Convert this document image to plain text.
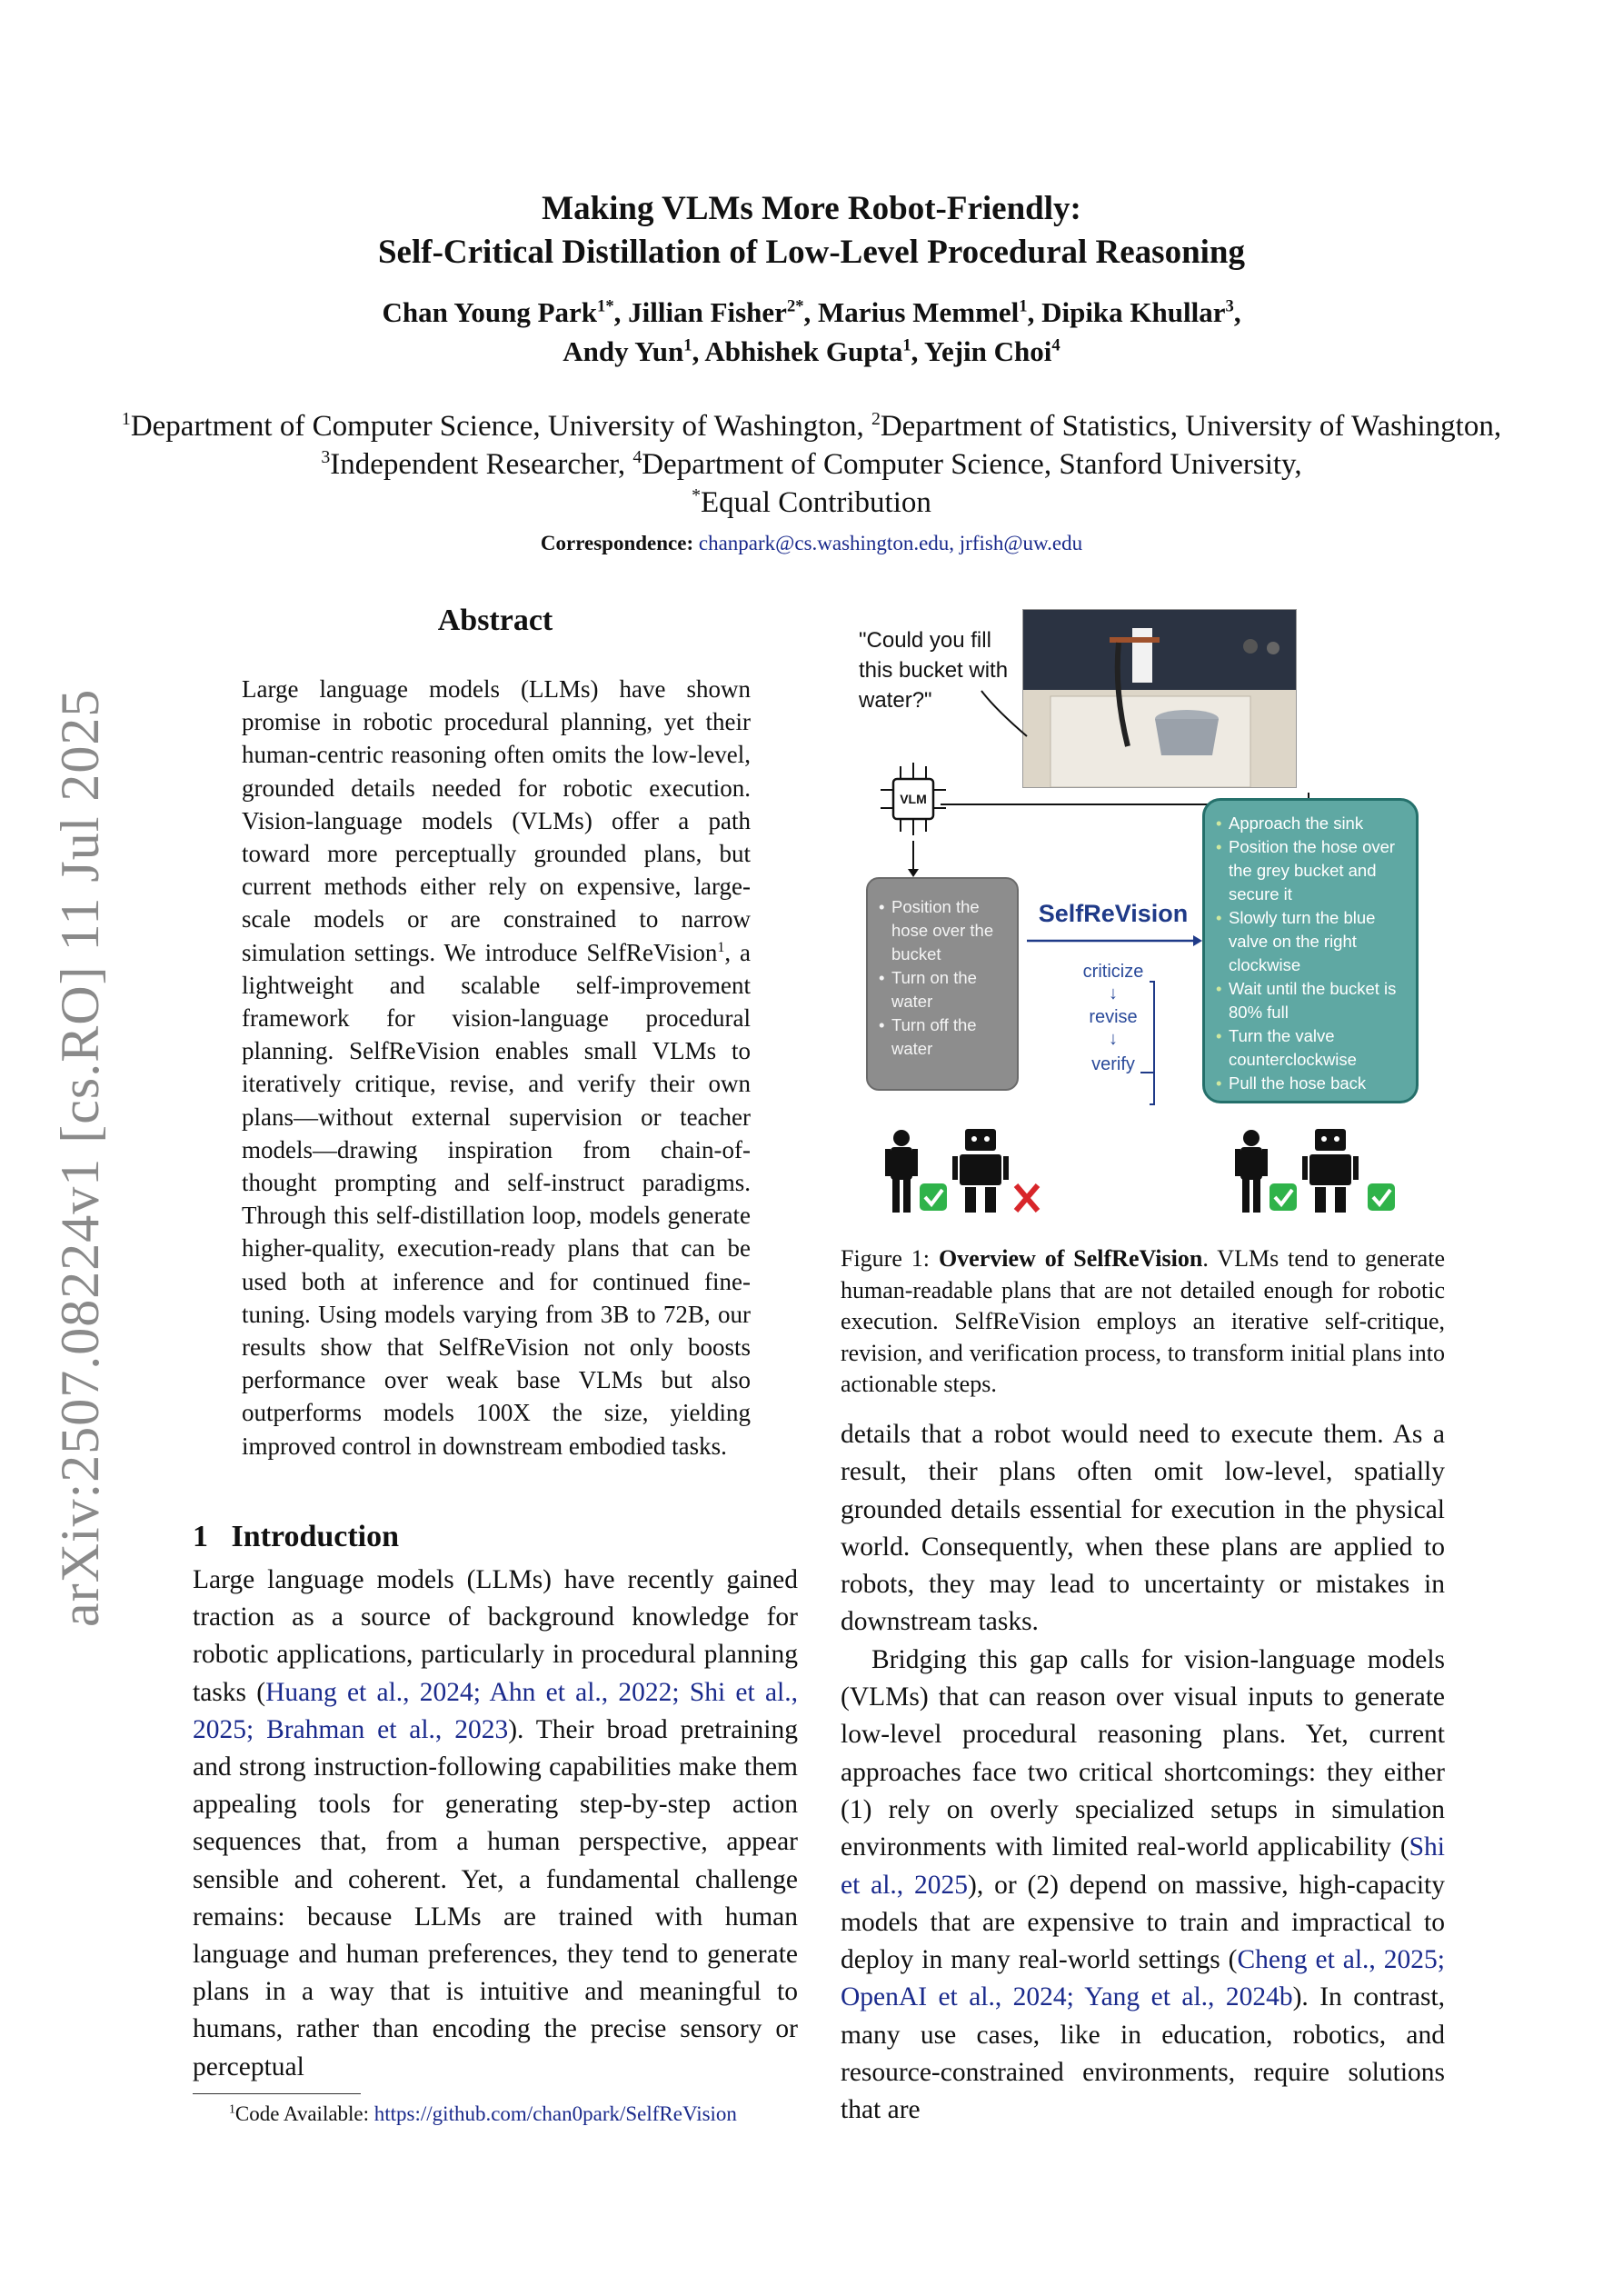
arXiv:2507.08224v1 [cs.RO] 11 Jul 2025
Making VLMs More Robot-Friendly:
Self-Critical Distillation of Low-Level Procedural Reasoning
Chan Young Park$^{1*}$, Jillian Fisher$^{2*}$, Marius Memmel$^1$, Dipika Khullar$^3$,
Andy Yun$^1$, Abhishek Gupta$^1$, Yejin Choi$^4$
$^1$Department of Computer Science, University of Washington, $^2$Department of Statistics, University of Washington,
$^3$Independent Researcher, $^4$Department of Computer Science, Stanford University,
*Equal Contribution
Correspondence: chanpark@cs.washington.edu, jrfish@uw.edu
Abstract
Large language models (LLMs) have shown promise in robotic procedural planning, yet their human-centric reasoning often omits the low-level, grounded details needed for robotic execution. Vision-language models (VLMs) offer a path toward more perceptually grounded plans, but current methods either rely on expensive, large-scale models or are constrained to narrow simulation settings. We introduce SelfReVision$^1$, a lightweight and scalable self-improvement framework for vision-language procedural planning. SelfReVision enables small VLMs to iteratively critique, revise, and verify their own plans—without external supervision or teacher models—drawing inspiration from chain-of-thought prompting and self-instruct paradigms. Through this self-distillation loop, models generate higher-quality, execution-ready plans that can be used both at inference and for continued fine-tuning. Using models varying from 3B to 72B, our results show that SelfReVision not only boosts performance over weak base VLMs but also outperforms models 100X the size, yielding improved control in downstream embodied tasks.
1 Introduction
Large language models (LLMs) have recently gained traction as a source of background knowledge for robotic applications, particularly in procedural planning tasks (Huang et al., 2024; Ahn et al., 2022; Shi et al., 2025; Brahman et al., 2023). Their broad pretraining and strong instruction-following capabilities make them appealing tools for generating step-by-step action sequences that, from a human perspective, appear sensible and coherent. Yet, a fundamental challenge remains: because LLMs are trained with human language and human preferences, they tend to generate plans in a way that is intuitive and meaningful to humans, rather than encoding the precise sensory or perceptual
$^1$Code Available: https://github.com/chan0park/SelfReVision
"Could you fill this bucket with water?"
VLM
• Position the hose over the bucket
• Turn on the water
• Turn off the water
SelfReVision
criticize
↓
revise
↓
verify
• Approach the sink
• Position the hose over the grey bucket and secure it
• Slowly turn the blue valve on the right clockwise
• Wait until the bucket is 80% full
• Turn the valve counterclockwise
• Pull the hose back
Figure 1: Overview of SelfReVision. VLMs tend to generate human-readable plans that are not detailed enough for robotic execution. SelfReVision employs an iterative self-critique, revision, and verification process, to transform initial plans into actionable steps.

details that a robot would need to execute them. As a result, their plans often omit low-level, spatially grounded details essential for execution in the physical world. Consequently, when these plans are applied to robots, they may lead to uncertainty or mistakes in downstream tasks.

Bridging this gap calls for vision-language models (VLMs) that can reason over visual inputs to generate low-level procedural reasoning plans. Yet, current approaches face two critical shortcomings: they either (1) rely on overly specialized setups in simulation environments with limited real-world applicability (Shi et al., 2025), or (2) depend on massive, high-capacity models that are expensive to train and impractical to deploy in many real-world settings (Cheng et al., 2025; OpenAI et al., 2024; Yang et al., 2024b). In contrast, many use cases, like in education, robotics, and resource-constrained environments, require solutions that are
